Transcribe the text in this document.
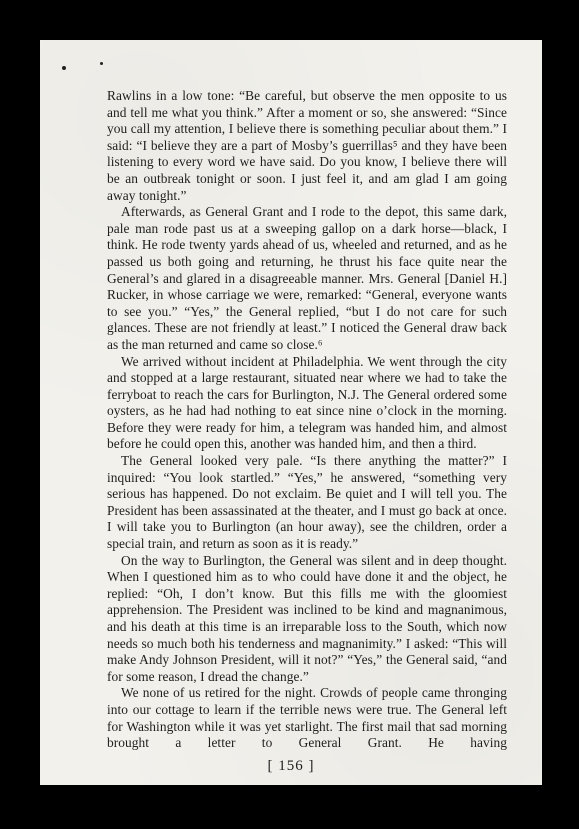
Rawlins in a low tone: “Be careful, but observe the men opposite to us and tell me what you think.” After a moment or so, she answered: “Since you call my attention, I believe there is something peculiar about them.” I said: “I believe they are a part of Mosby’s guerrillas⁵ and they have been listening to every word we have said. Do you know, I believe there will be an outbreak tonight or soon. I just feel it, and am glad I am going away tonight.”

Afterwards, as General Grant and I rode to the depot, this same dark, pale man rode past us at a sweeping gallop on a dark horse—black, I think. He rode twenty yards ahead of us, wheeled and returned, and as he passed us both going and returning, he thrust his face quite near the General’s and glared in a disagreeable manner. Mrs. General [Daniel H.] Rucker, in whose carriage we were, remarked: “General, everyone wants to see you.” “Yes,” the General replied, “but I do not care for such glances. These are not friendly at least.” I noticed the General draw back as the man returned and came so close.⁶

We arrived without incident at Philadelphia. We went through the city and stopped at a large restaurant, situated near where we had to take the ferryboat to reach the cars for Burlington, N.J. The General ordered some oysters, as he had had nothing to eat since nine o’clock in the morning. Before they were ready for him, a telegram was handed him, and almost before he could open this, another was handed him, and then a third.

The General looked very pale. “Is there anything the matter?” I inquired: “You look startled.” “Yes,” he answered, “something very serious has happened. Do not exclaim. Be quiet and I will tell you. The President has been assassinated at the theater, and I must go back at once. I will take you to Burlington (an hour away), see the children, order a special train, and return as soon as it is ready.”

On the way to Burlington, the General was silent and in deep thought. When I questioned him as to who could have done it and the object, he replied: “Oh, I don’t know. But this fills me with the gloomiest apprehension. The President was inclined to be kind and magnanimous, and his death at this time is an irreparable loss to the South, which now needs so much both his tenderness and magnanimity.” I asked: “This will make Andy Johnson President, will it not?” “Yes,” the General said, “and for some reason, I dread the change.”

We none of us retired for the night. Crowds of people came thronging into our cottage to learn if the terrible news were true. The General left for Washington while it was yet starlight. The first mail that sad morning brought a letter to General Grant. He having

[ 156 ]
